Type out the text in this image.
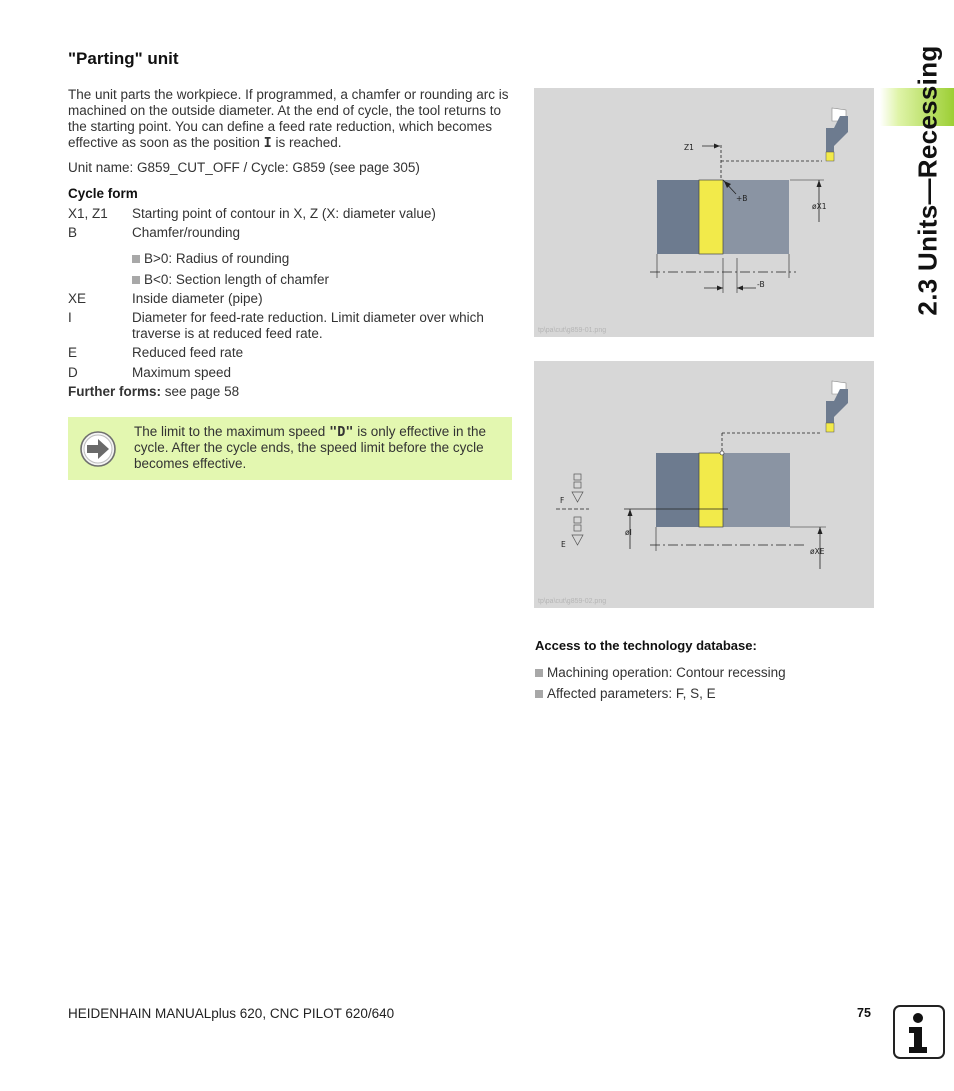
"Parting" unit
The unit parts the workpiece. If programmed, a chamfer or rounding arc is machined on the outside diameter. At the end of cycle, the tool returns to the starting point. You can define a feed rate reduction, which becomes effective as soon as the position I is reached.
Unit name: G859_CUT_OFF / Cycle: G859 (see page 305)
Cycle form
X1, Z1 Starting point of contour in X, Z (X: diameter value)
B	Chamfer/rounding
B>0: Radius of rounding
B<0: Section length of chamfer
XE	Inside diameter (pipe)
I	Diameter for feed-rate reduction. Limit diameter over which traverse is at reduced feed rate.
E	Reduced feed rate
D	Maximum speed
Further forms: see page 58
The limit to the maximum speed "D" is only effective in the cycle. After the cycle ends, the speed limit before the cycle becomes effective.
2.3 Units—Recessing
Z1
+B
øX1
-B
tp\pa\cut\g859-01.png
F
E
øI
øXE
tp\pa\cut\g859-02.png
Access to the technology database:
Machining operation: Contour recessing
Affected parameters: F, S, E
HEIDENHAIN MANUALplus 620, CNC PILOT 620/640	75
